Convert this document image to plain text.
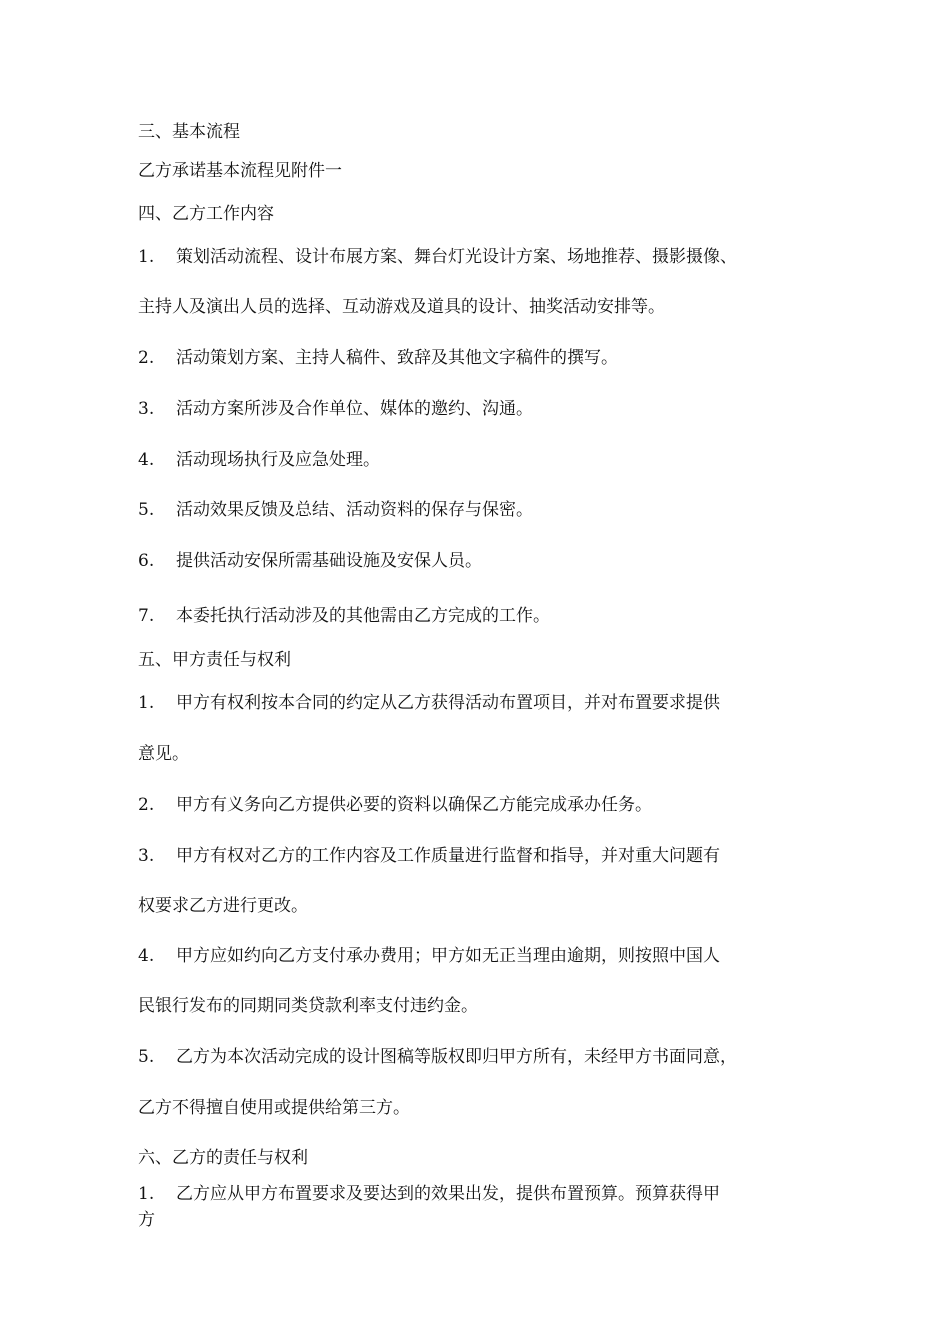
三、基本流程
乙方承诺基本流程见附件一
四、乙方工作内容
1. 策划活动流程、设计布展方案、舞台灯光设计方案、场地推荐、摄影摄像、
主持人及演出人员的选择、互动游戏及道具的设计、抽奖活动安排等。
2. 活动策划方案、主持人稿件、致辞及其他文字稿件的撰写。
3. 活动方案所涉及合作单位、媒体的邀约、沟通。
4. 活动现场执行及应急处理。
5. 活动效果反馈及总结、活动资料的保存与保密。
6. 提供活动安保所需基础设施及安保人员。
7. 本委托执行活动涉及的其他需由乙方完成的工作。
五、甲方责任与权利
1. 甲方有权利按本合同的约定从乙方获得活动布置项目，并对布置要求提供
意见。
2. 甲方有义务向乙方提供必要的资料以确保乙方能完成承办任务。
3. 甲方有权对乙方的工作内容及工作质量进行监督和指导，并对重大问题有
权要求乙方进行更改。
4. 甲方应如约向乙方支付承办费用；甲方如无正当理由逾期，则按照中国人
民银行发布的同期同类贷款利率支付违约金。
5. 乙方为本次活动完成的设计图稿等版权即归甲方所有，未经甲方书面同意，
乙方不得擅自使用或提供给第三方。
六、乙方的责任与权利
1. 乙方应从甲方布置要求及要达到的效果出发，提供布置预算。预算获得甲
方
